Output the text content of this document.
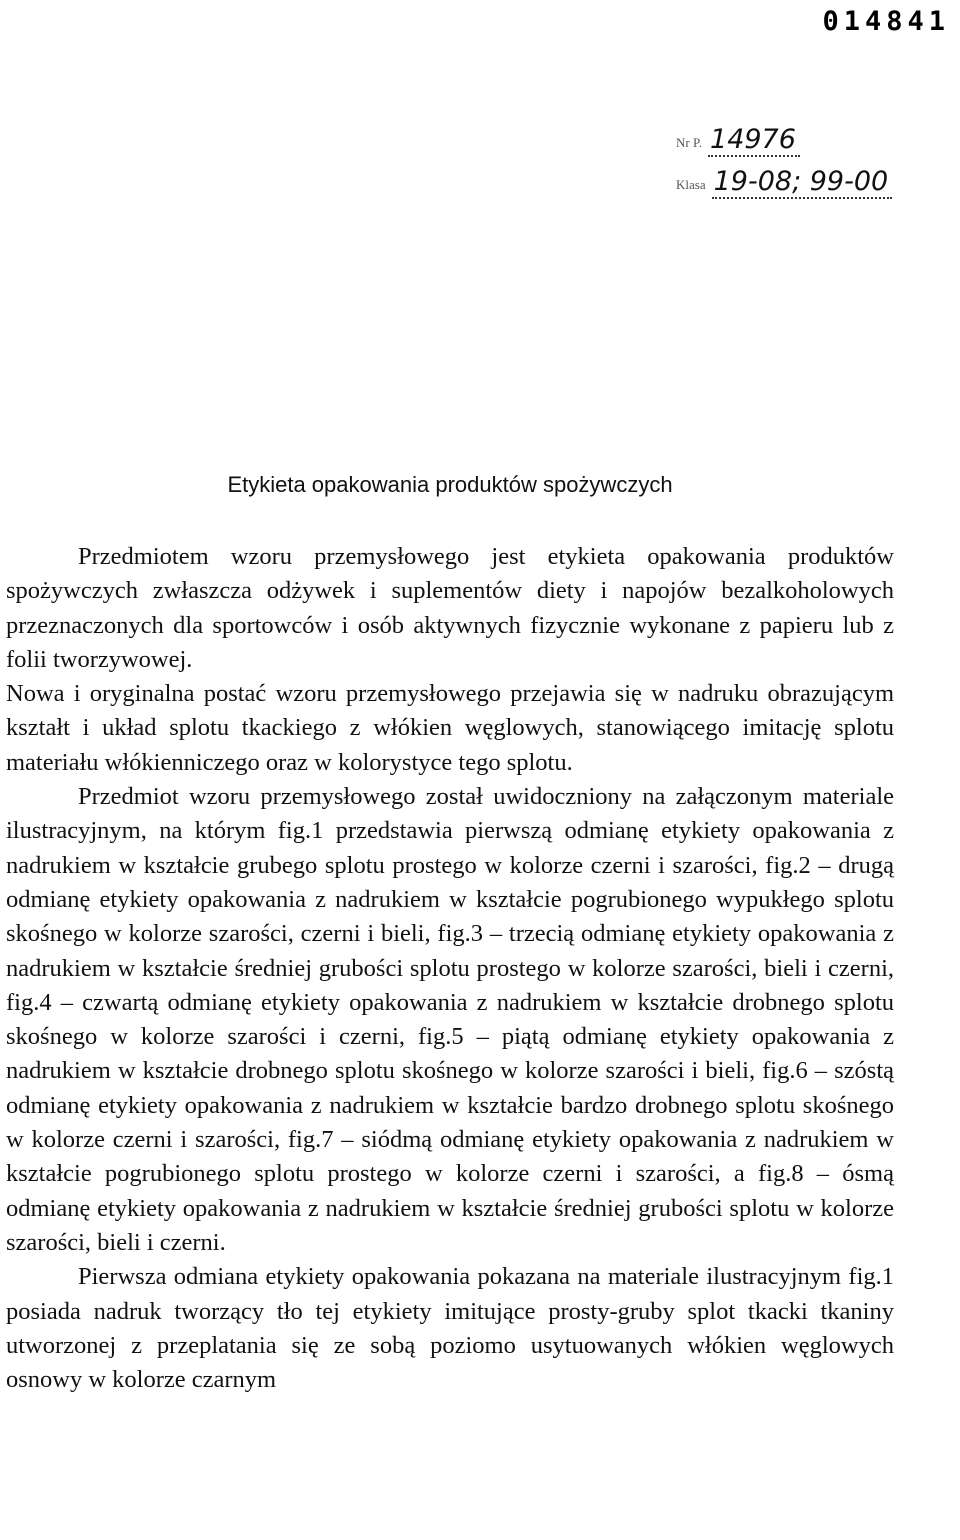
014841
Nr P. 14976
Klasa 19-08; 99-00
Etykieta opakowania produktów spożywczych

Przedmiotem wzoru przemysłowego jest etykieta opakowania produktów spożywczych zwłaszcza odżywek i suplementów diety i napojów bezalkoholowych przeznaczonych dla sportowców i osób aktywnych fizycznie wykonane z papieru lub z folii tworzywowej.

Nowa i oryginalna postać wzoru przemysłowego przejawia się w nadruku obrazującym kształt i układ splotu tkackiego z włókien węglowych, stanowiącego imitację splotu materiału włókienniczego oraz w kolorystyce tego splotu.

Przedmiot wzoru przemysłowego został uwidoczniony na załączonym materiale ilustracyjnym, na którym fig.1 przedstawia pierwszą odmianę etykiety opakowania z nadrukiem w kształcie grubego splotu prostego w kolorze czerni i szarości, fig.2 – drugą odmianę etykiety opakowania z nadrukiem w kształcie pogrubionego wypukłego splotu skośnego w kolorze szarości, czerni i bieli, fig.3 – trzecią odmianę etykiety opakowania z nadrukiem w kształcie średniej grubości splotu prostego w kolorze szarości, bieli i czerni, fig.4 – czwartą odmianę etykiety opakowania z nadrukiem w kształcie drobnego splotu skośnego w kolorze szarości i czerni, fig.5 – piątą odmianę etykiety opakowania z nadrukiem w kształcie drobnego splotu skośnego w kolorze szarości i bieli, fig.6 – szóstą odmianę etykiety opakowania z nadrukiem w kształcie bardzo drobnego splotu skośnego w kolorze czerni i szarości, fig.7 – siódmą odmianę etykiety opakowania z nadrukiem w kształcie pogrubionego splotu prostego w kolorze czerni i szarości, a fig.8 – ósmą odmianę etykiety opakowania z nadrukiem w kształcie średniej grubości splotu w kolorze szarości, bieli i czerni.

Pierwsza odmiana etykiety opakowania pokazana na materiale ilustracyjnym fig.1 posiada nadruk tworzący tło tej etykiety imitujące prosty-gruby splot tkacki tkaniny utworzonej z przeplatania się ze sobą poziomo usytuowanych włókien węglowych osnowy w kolorze czarnym
